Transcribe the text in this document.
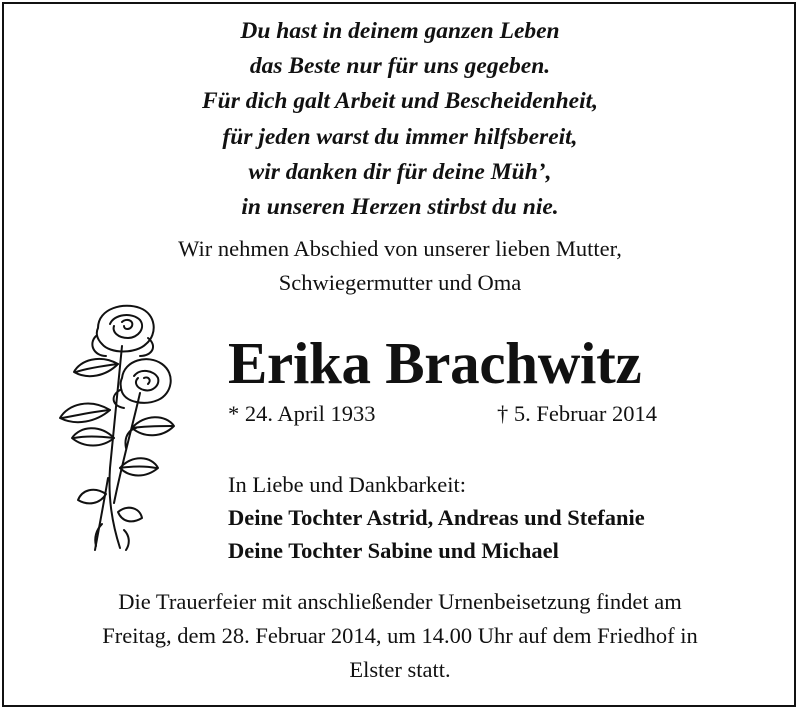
Du hast in deinem ganzen Leben
das Beste nur für uns gegeben.
Für dich galt Arbeit und Bescheidenheit,
für jeden warst du immer hilfsbereit,
wir danken dir für deine Müh’,
in unseren Herzen stirbst du nie.
Wir nehmen Abschied von unserer lieben Mutter,
Schwiegermutter und Oma
Erika Brachwitz
* 24. April 1933	† 5. Februar 2014
In Liebe und Dankbarkeit:
Deine Tochter Astrid, Andreas und Stefanie
Deine Tochter Sabine und Michael
Die Trauerfeier mit anschließender Urnenbeisetzung findet am
Freitag, dem 28. Februar 2014, um 14.00 Uhr auf dem Friedhof in
Elster statt.
